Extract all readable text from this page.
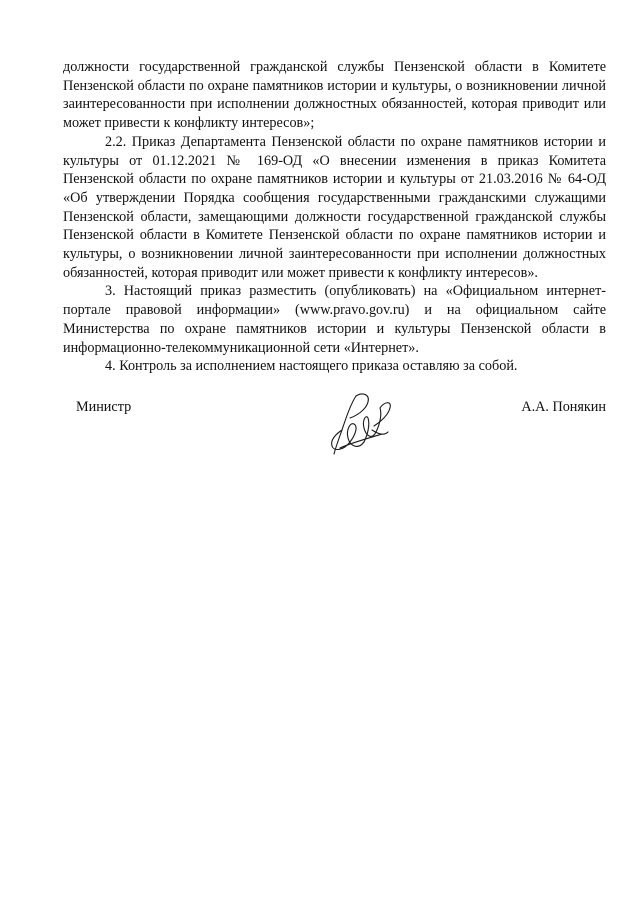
должности государственной гражданской службы Пензенской области в Комитете Пензенской области по охране памятников истории и культуры, о возникновении личной заинтересованности при исполнении должностных обязанностей, которая приводит или может привести к конфликту интересов»;

2.2. Приказ Департамента Пензенской области по охране памятников истории и культуры от 01.12.2021 № 169-ОД «О внесении изменения в приказ Комитета Пензенской области по охране памятников истории и культуры от 21.03.2016 № 64-ОД «Об утверждении Порядка сообщения государственными гражданскими служащими Пензенской области, замещающими должности государственной гражданской службы Пензенской области в Комитете Пензенской области по охране памятников истории и культуры, о возникновении личной заинтересованности при исполнении должностных обязанностей, которая приводит или может привести к конфликту интересов».

3. Настоящий приказ разместить (опубликовать) на «Официальном интернет-портале правовой информации» (www.pravo.gov.ru) и на официальном сайте Министерства по охране памятников истории и культуры Пензенской области в информационно-телекоммуникационной сети «Интернет».

4. Контроль за исполнением настоящего приказа оставляю за собой.

Министр	А.А. Понякин
